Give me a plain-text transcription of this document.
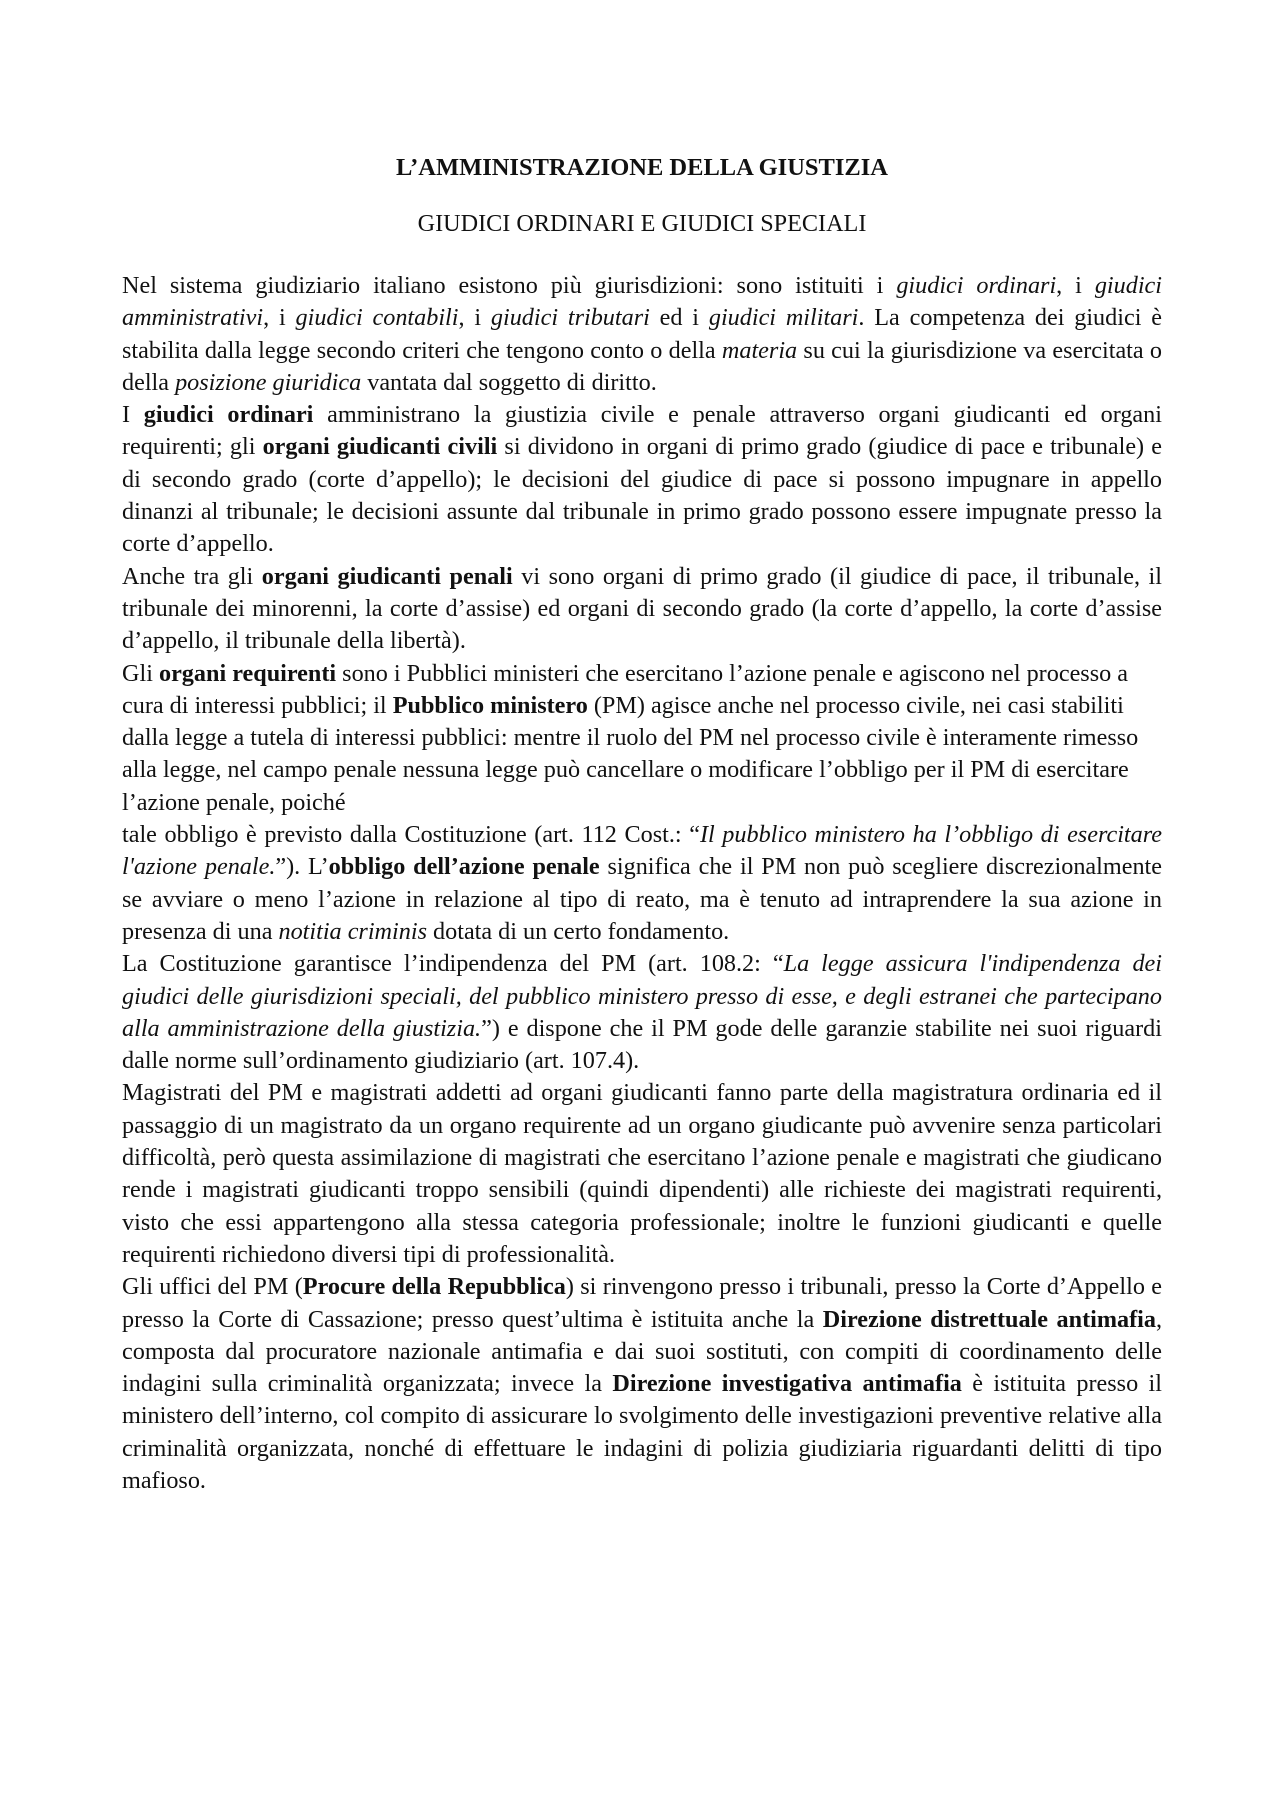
L’AMMINISTRAZIONE DELLA GIUSTIZIA
GIUDICI ORDINARI E GIUDICI SPECIALI

Nel sistema giudiziario italiano esistono più giurisdizioni: sono istituiti i giudici ordinari, i giudici amministrativi, i giudici contabili, i giudici tributari ed i giudici militari. La competenza dei giudici è stabilita dalla legge secondo criteri che tengono conto o della materia su cui la giurisdizione va esercitata o della posizione giuridica vantata dal soggetto di diritto.

I giudici ordinari amministrano la giustizia civile e penale attraverso organi giudicanti ed organi requirenti; gli organi giudicanti civili si dividono in organi di primo grado (giudice di pace e tribunale) e di secondo grado (corte d’appello); le decisioni del giudice di pace si possono impugnare in appello dinanzi al tribunale; le decisioni assunte dal tribunale in primo grado possono essere impugnate presso la corte d’appello.

Anche tra gli organi giudicanti penali vi sono organi di primo grado (il giudice di pace, il tribunale, il tribunale dei minorenni, la corte d’assise) ed organi di secondo grado (la corte d’appello, la corte d’assise d’appello, il tribunale della libertà).

Gli organi requirenti sono i Pubblici ministeri che esercitano l’azione penale e agiscono nel processo a cura di interessi pubblici; il Pubblico ministero (PM) agisce anche nel processo civile, nei casi stabiliti dalla legge a tutela di interessi pubblici: mentre il ruolo del PM nel processo civile è interamente rimesso alla legge, nel campo penale nessuna legge può cancellare o modificare l’obbligo per il PM di esercitare l’azione penale, poiché

tale obbligo è previsto dalla Costituzione (art. 112 Cost.: “Il pubblico ministero ha l’obbligo di esercitare l'azione penale.”). L’obbligo dell’azione penale significa che il PM non può scegliere discrezionalmente se avviare o meno l’azione in relazione al tipo di reato, ma è tenuto ad intraprendere la sua azione in presenza di una notitia criminis dotata di un certo fondamento.

La Costituzione garantisce l’indipendenza del PM (art. 108.2: “La legge assicura l'indipendenza dei giudici delle giurisdizioni speciali, del pubblico ministero presso di esse, e degli estranei che partecipano alla amministrazione della giustizia.”) e dispone che il PM gode delle garanzie stabilite nei suoi riguardi dalle norme sull’ordinamento giudiziario (art. 107.4).

Magistrati del PM e magistrati addetti ad organi giudicanti fanno parte della magistratura ordinaria ed il passaggio di un magistrato da un organo requirente ad un organo giudicante può avvenire senza particolari difficoltà, però questa assimilazione di magistrati che esercitano l’azione penale e magistrati che giudicano rende i magistrati giudicanti troppo sensibili (quindi dipendenti) alle richieste dei magistrati requirenti, visto che essi appartengono alla stessa categoria professionale; inoltre le funzioni giudicanti e quelle requirenti richiedono diversi tipi di professionalità.

Gli uffici del PM (Procure della Repubblica) si rinvengono presso i tribunali, presso la Corte d’Appello e presso la Corte di Cassazione; presso quest’ultima è istituita anche la Direzione distrettuale antimafia, composta dal procuratore nazionale antimafia e dai suoi sostituti, con compiti di coordinamento delle indagini sulla criminalità organizzata; invece la Direzione investigativa antimafia è istituita presso il ministero dell’interno, col compito di assicurare lo svolgimento delle investigazioni preventive relative alla criminalità organizzata, nonché di effettuare le indagini di polizia giudiziaria riguardanti delitti di tipo mafioso.
